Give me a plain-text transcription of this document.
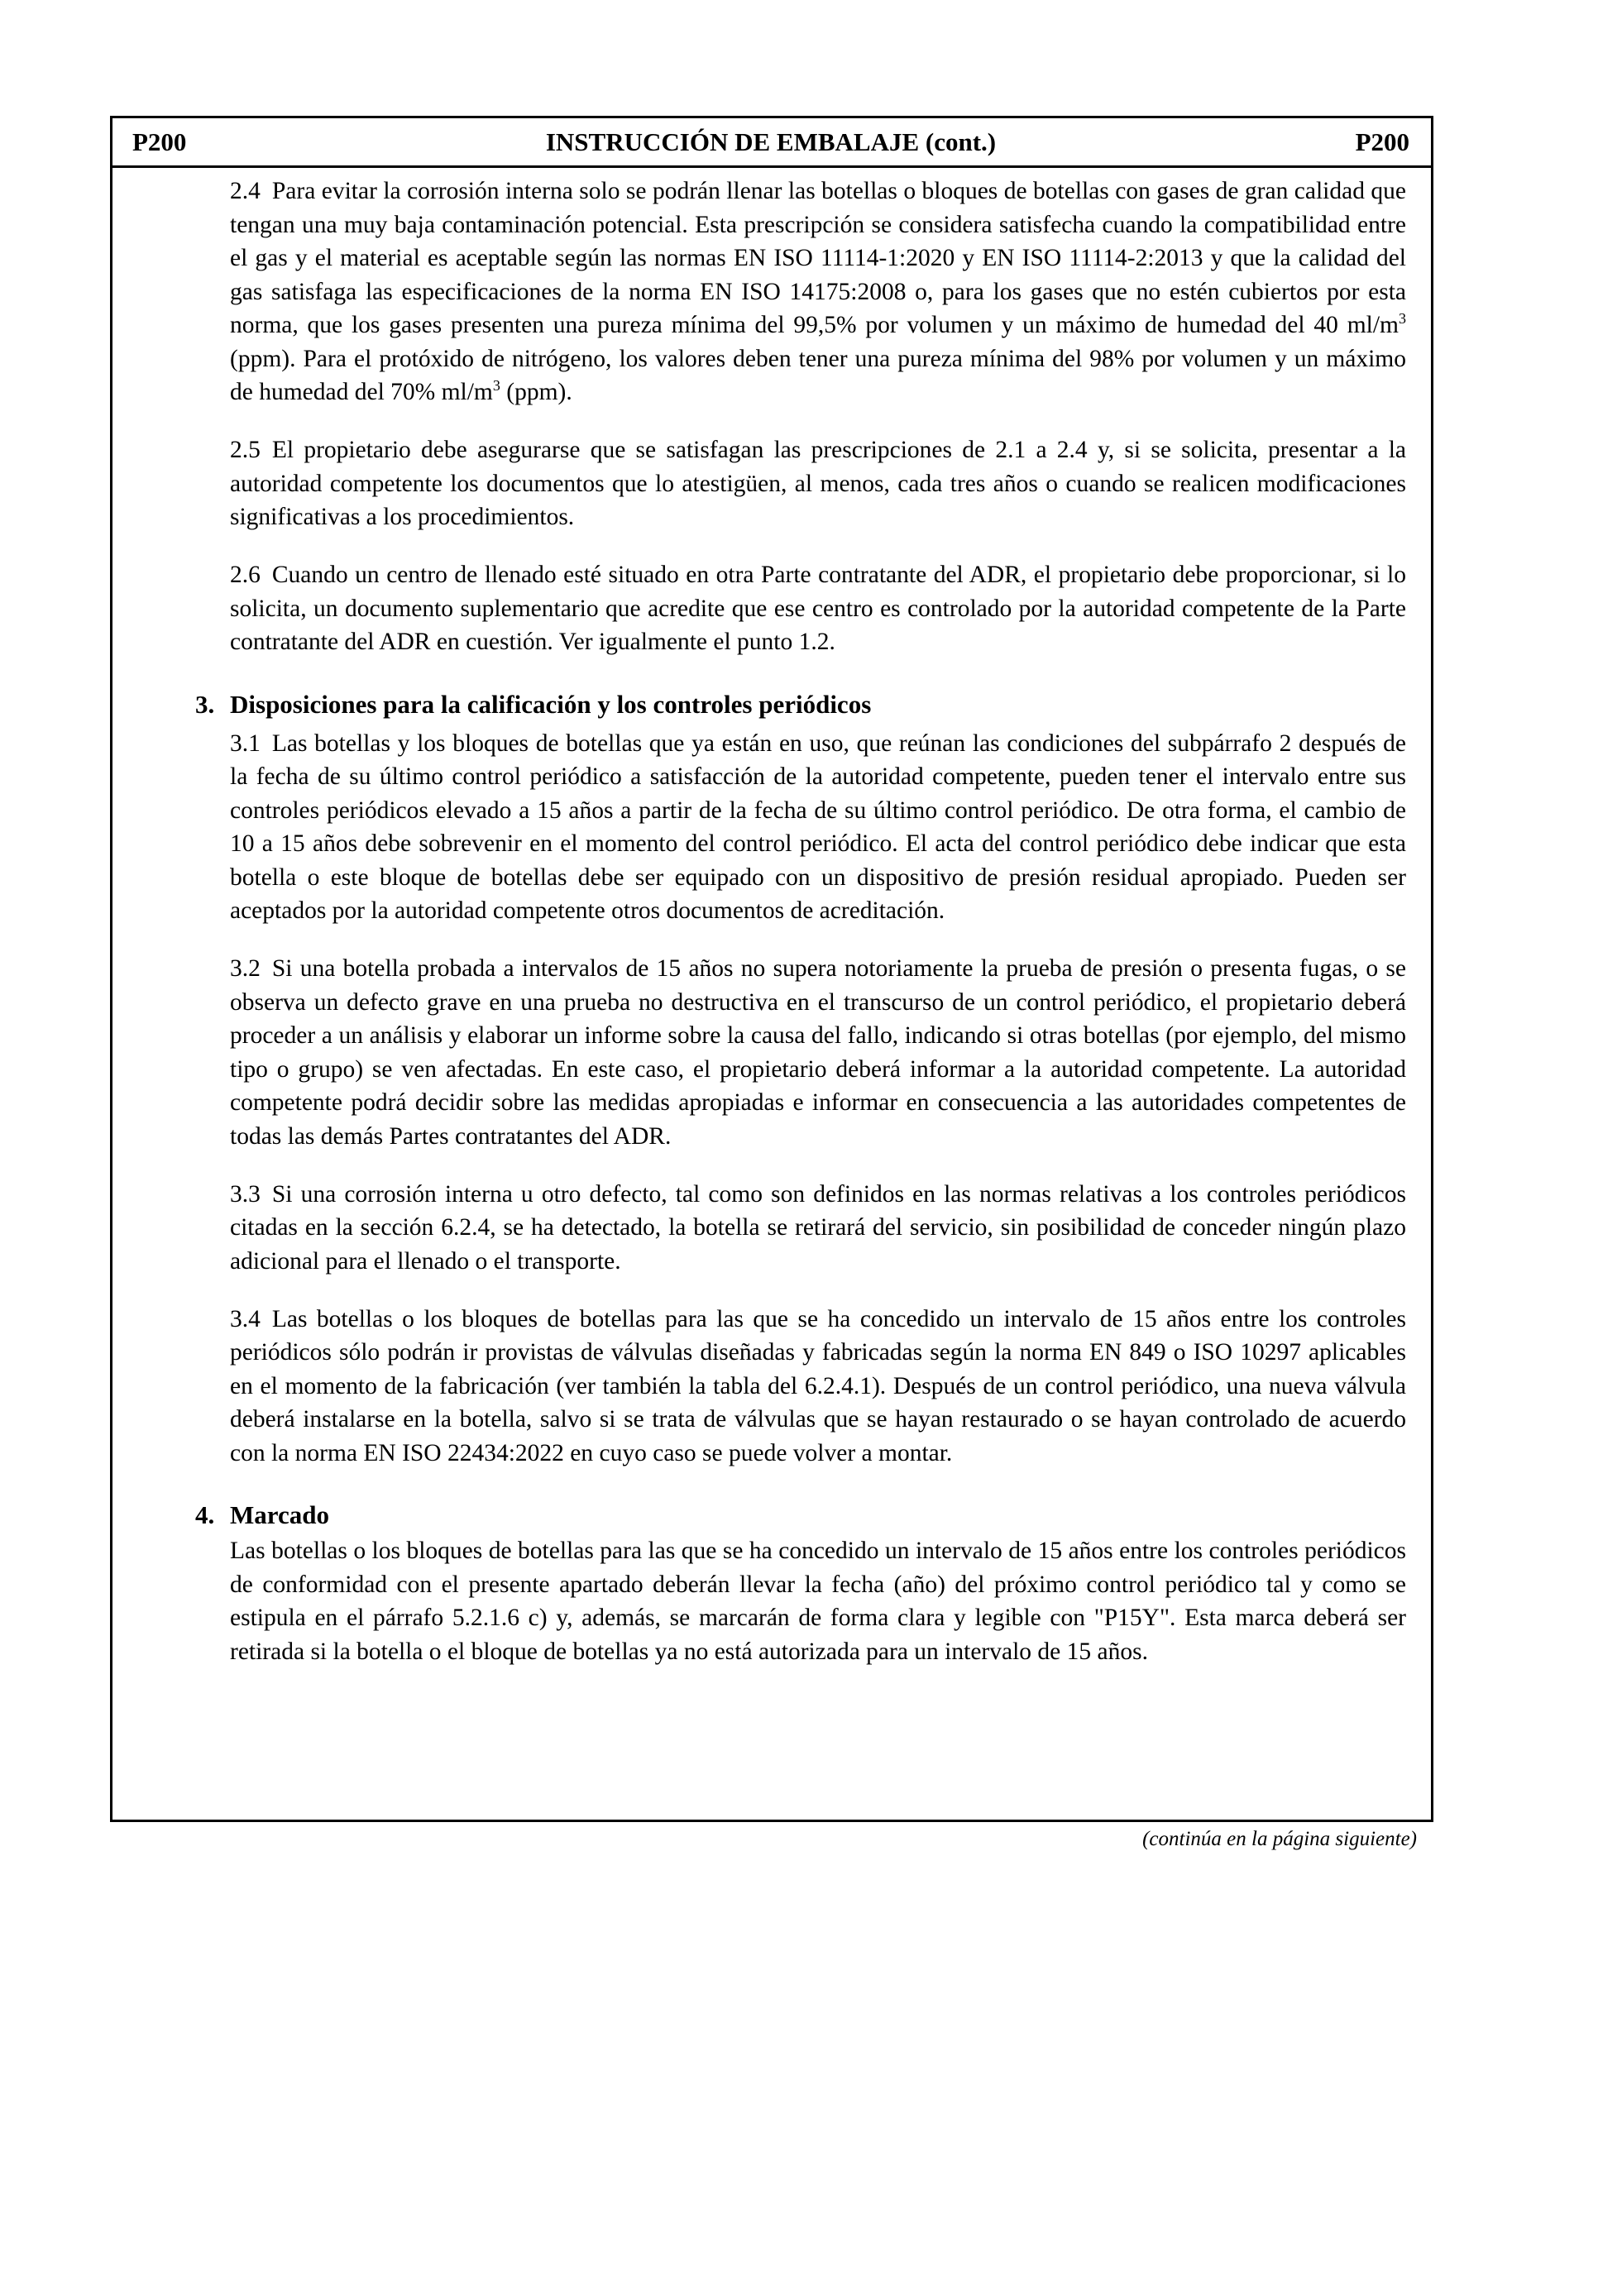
P200	INSTRUCCIÓN DE EMBALAJE (cont.)	P200

2.4 Para evitar la corrosión interna solo se podrán llenar las botellas o bloques de botellas con gases de gran calidad que tengan una muy baja contaminación potencial. Esta prescripción se considera satisfecha cuando la compatibilidad entre el gas y el material es aceptable según las normas EN ISO 11114-1:2020 y EN ISO 11114-2:2013 y que la calidad del gas satisfaga las especificaciones de la norma EN ISO 14175:2008 o, para los gases que no estén cubiertos por esta norma, que los gases presenten una pureza mínima del 99,5% por volumen y un máximo de humedad del 40 $ml/m^3$ (ppm). Para el protóxido de nitrógeno, los valores deben tener una pureza mínima del 98% por volumen y un máximo de humedad del 70% $ml/m^3$ (ppm).

2.5 El propietario debe asegurarse que se satisfagan las prescripciones de 2.1 a 2.4 y, si se solicita, presentar a la autoridad competente los documentos que lo atestigüen, al menos, cada tres años o cuando se realicen modificaciones significativas a los procedimientos.

2.6 Cuando un centro de llenado esté situado en otra Parte contratante del ADR, el propietario debe proporcionar, si lo solicita, un documento suplementario que acredite que ese centro es controlado por la autoridad competente de la Parte contratante del ADR en cuestión. Ver igualmente el punto 1.2.

3. Disposiciones para la calificación y los controles periódicos

3.1 Las botellas y los bloques de botellas que ya están en uso, que reúnan las condiciones del subpárrafo 2 después de la fecha de su último control periódico a satisfacción de la autoridad competente, pueden tener el intervalo entre sus controles periódicos elevado a 15 años a partir de la fecha de su último control periódico. De otra forma, el cambio de 10 a 15 años debe sobrevenir en el momento del control periódico. El acta del control periódico debe indicar que esta botella o este bloque de botellas debe ser equipado con un dispositivo de presión residual apropiado. Pueden ser aceptados por la autoridad competente otros documentos de acreditación.

3.2 Si una botella probada a intervalos de 15 años no supera notoriamente la prueba de presión o presenta fugas, o se observa un defecto grave en una prueba no destructiva en el transcurso de un control periódico, el propietario deberá proceder a un análisis y elaborar un informe sobre la causa del fallo, indicando si otras botellas (por ejemplo, del mismo tipo o grupo) se ven afectadas. En este caso, el propietario deberá informar a la autoridad competente. La autoridad competente podrá decidir sobre las medidas apropiadas e informar en consecuencia a las autoridades competentes de todas las demás Partes contratantes del ADR.

3.3 Si una corrosión interna u otro defecto, tal como son definidos en las normas relativas a los controles periódicos citadas en la sección 6.2.4, se ha detectado, la botella se retirará del servicio, sin posibilidad de conceder ningún plazo adicional para el llenado o el transporte.

3.4 Las botellas o los bloques de botellas para las que se ha concedido un intervalo de 15 años entre los controles periódicos sólo podrán ir provistas de válvulas diseñadas y fabricadas según la norma EN 849 o ISO 10297 aplicables en el momento de la fabricación (ver también la tabla del 6.2.4.1). Después de un control periódico, una nueva válvula deberá instalarse en la botella, salvo si se trata de válvulas que se hayan restaurado o se hayan controlado de acuerdo con la norma EN ISO 22434:2022 en cuyo caso se puede volver a montar.

4. Marcado

Las botellas o los bloques de botellas para las que se ha concedido un intervalo de 15 años entre los controles periódicos de conformidad con el presente apartado deberán llevar la fecha (año) del próximo control periódico tal y como se estipula en el párrafo 5.2.1.6 c) y, además, se marcarán de forma clara y legible con "P15Y". Esta marca deberá ser retirada si la botella o el bloque de botellas ya no está autorizada para un intervalo de 15 años.

(continúa en la página siguiente)
